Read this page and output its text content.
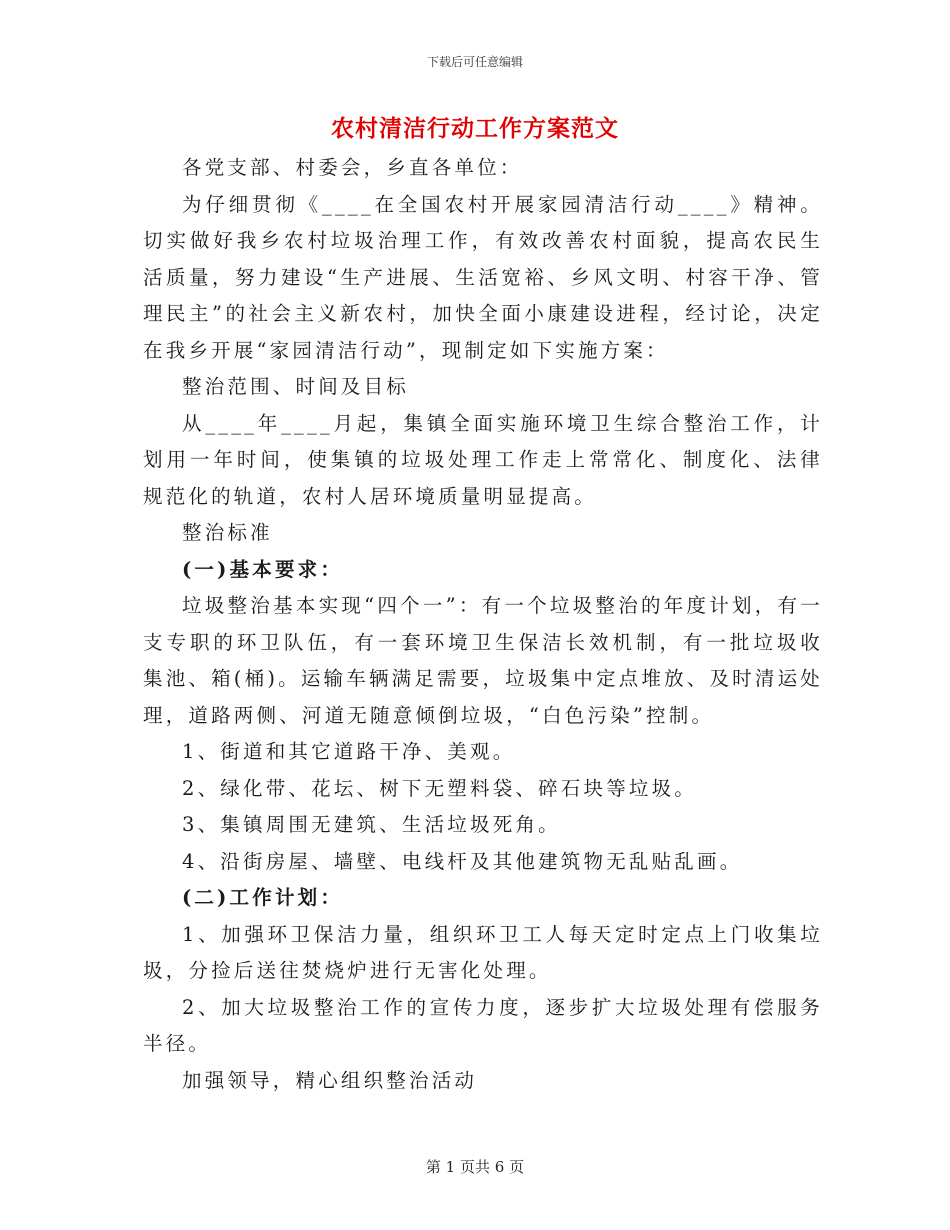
下载后可任意编辑
农村清洁行动工作方案范文

各党支部、村委会，乡直各单位：

为仔细贯彻《____在全国农村开展家园清洁行动____》精神。切实做好我乡农村垃圾治理工作，有效改善农村面貌，提高农民生活质量，努力建设“生产进展、生活宽裕、乡风文明、村容干净、管理民主”的社会主义新农村，加快全面小康建设进程，经讨论，决定在我乡开展“家园清洁行动”，现制定如下实施方案：

整治范围、时间及目标

从____年____月起，集镇全面实施环境卫生综合整治工作，计划用一年时间，使集镇的垃圾处理工作走上常常化、制度化、法律规范化的轨道，农村人居环境质量明显提高。

整治标准

(一)基本要求：

垃圾整治基本实现“四个一”：有一个垃圾整治的年度计划，有一支专职的环卫队伍，有一套环境卫生保洁长效机制，有一批垃圾收集池、箱(桶)。运输车辆满足需要，垃圾集中定点堆放、及时清运处理，道路两侧、河道无随意倾倒垃圾，“白色污染”控制。

1、街道和其它道路干净、美观。

2、绿化带、花坛、树下无塑料袋、碎石块等垃圾。

3、集镇周围无建筑、生活垃圾死角。

4、沿街房屋、墙壁、电线杆及其他建筑物无乱贴乱画。

(二)工作计划：

1、加强环卫保洁力量，组织环卫工人每天定时定点上门收集垃圾，分捡后送往焚烧炉进行无害化处理。

2、加大垃圾整治工作的宣传力度，逐步扩大垃圾处理有偿服务半径。

加强领导，精心组织整治活动

第 1 页共 6 页
